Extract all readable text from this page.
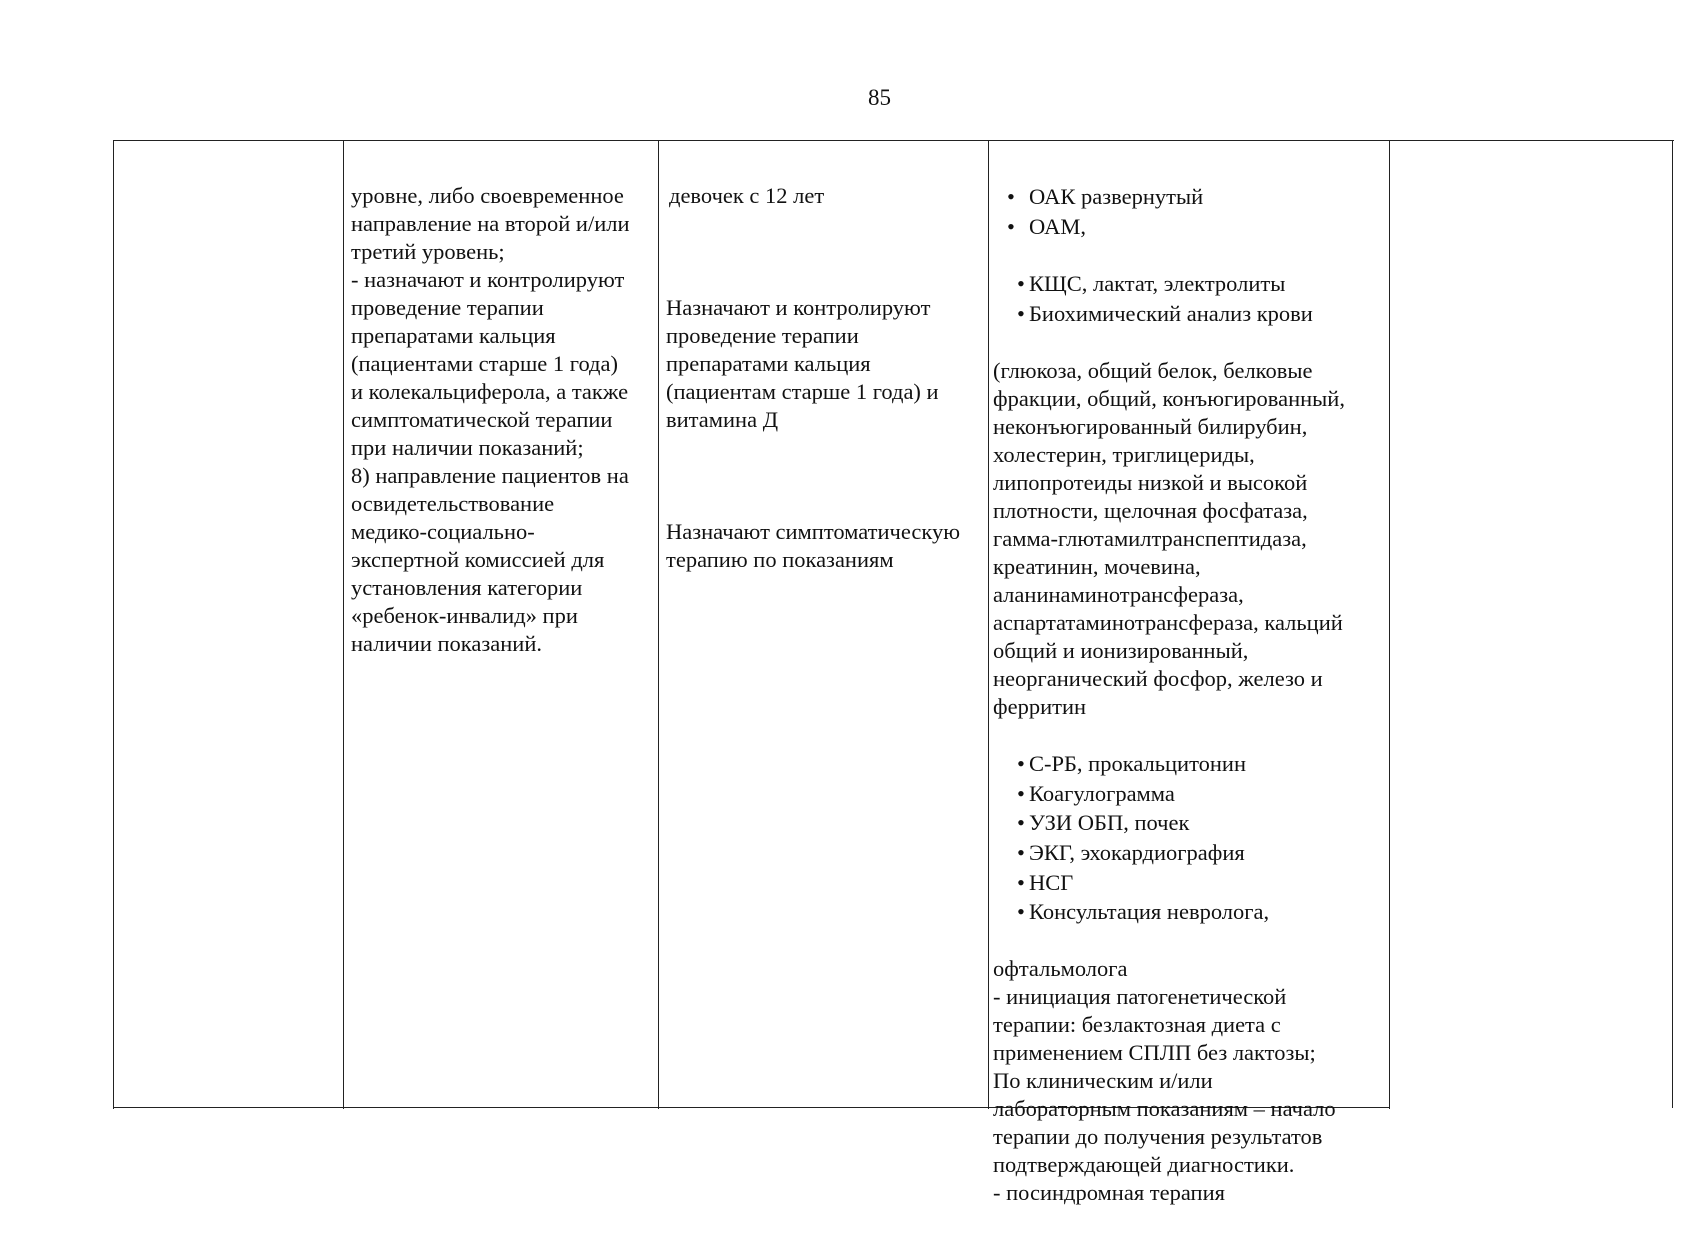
85

уровне, либо своевременное
направление на второй и/или
третий уровень;
- назначают и контролируют
проведение терапии
препаратами кальция
(пациентами старше 1 года)
и колекальциферола, а также
симптоматической терапии
при наличии показаний;
8) направление пациентов на
освидетельствование
медико-социально-
экспертной комиссией для
установления категории
«ребенок-инвалид» при
наличии показаний.

девочек с 12 лет

Назначают и контролируют
проведение терапии
препаратами кальция
(пациентам старше 1 года) и
витамина Д

Назначают симптоматическую
терапию по показаниям

• ОАК развернутый
• ОАМ,

• КЩС, лактат, электролиты
• Биохимический анализ крови

(глюкоза, общий белок, белковые
фракции, общий, конъюгированный,
неконъюгированный билирубин,
холестерин, триглицериды,
липопротеиды низкой и высокой
плотности, щелочная фосфатаза,
гамма-глютамилтранспептидаза,
креатинин, мочевина,
аланинаминотрансфераза,
аспартатаминотрансфераза, кальций
общий и ионизированный,
неорганический фосфор, железо и
ферритин

• С-РБ, прокальцитонин
• Коагулограмма
• УЗИ ОБП, почек
• ЭКГ, эхокардиография
• НСГ
• Консультация невролога,

офтальмолога
- инициация патогенетической
терапии: безлактозная диета с
применением СПЛП без лактозы;
По клиническим и/или
лабораторным показаниям – начало
терапии до получения результатов
подтверждающей диагностики.
- посиндромная терапия
